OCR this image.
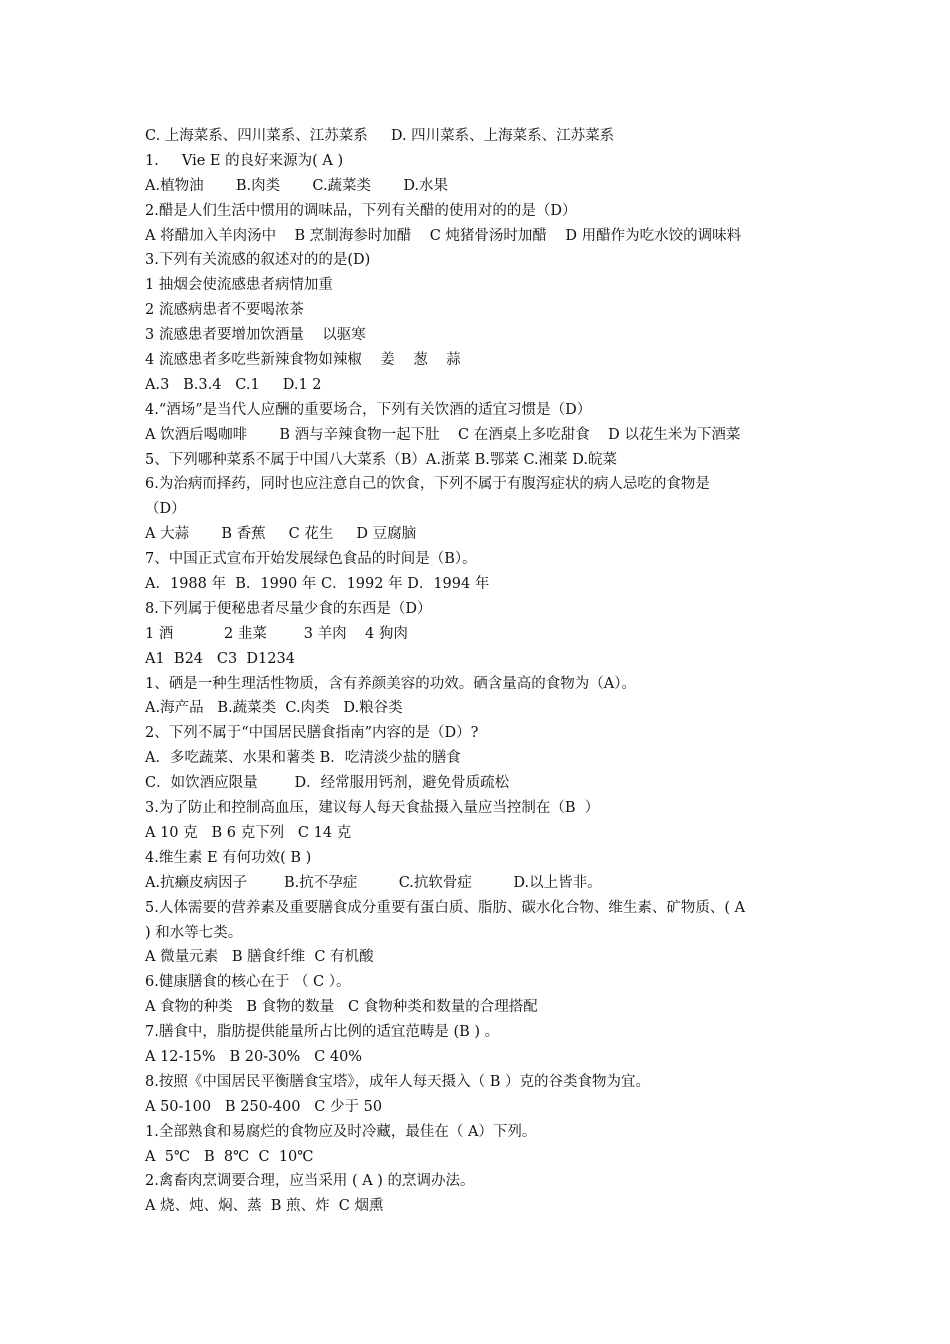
C. 上海菜系、四川菜系、江苏菜系     D. 四川菜系、上海菜系、江苏菜系
1.     Vie E 的良好来源为( A )
A.植物油       B.肉类       C.蔬菜类       D.水果
2.醋是人们生活中惯用的调味品，下列有关醋的使用对的的是（D）
A 将醋加入羊肉汤中    B 烹制海参时加醋    C 炖猪骨汤时加醋    D 用醋作为吃水饺的调味料
3.下列有关流感的叙述对的的是(D)
1 抽烟会使流感患者病情加重
2 流感病患者不要喝浓茶
3 流感患者要增加饮酒量    以驱寒
4 流感患者多吃些新辣食物如辣椒    姜    葱    蒜
A.3   B.3.4   C.1     D.1 2
4.“酒场”是当代人应酬的重要场合，下列有关饮酒的适宜习惯是（D）
A 饮酒后喝咖啡       B 酒与辛辣食物一起下肚    C 在酒桌上多吃甜食    D 以花生米为下酒菜
5、下列哪种菜系不属于中国八大菜系（B）A.浙菜 B.鄂菜 C.湘菜 D.皖菜
6.为治病而择药，同时也应注意自己的饮食，下列不属于有腹泻症状的病人忌吃的食物是
（D）
A 大蒜       B 香蕉     C 花生     D 豆腐脑
7、中国正式宣布开始发展绿色食品的时间是（B）。
A．1988 年  B．1990 年 C．1992 年 D．1994 年
8.下列属于便秘患者尽量少食的东西是（D）
1 酒           2 韭菜        3 羊肉    4 狗肉
A1  B24   C3  D1234
1、硒是一种生理活性物质，含有养颜美容的功效。硒含量高的食物为（A）。
A.海产品   B.蔬菜类  C.肉类   D.粮谷类
2、下列不属于“中国居民膳食指南”内容的是（D）?
A．多吃蔬菜、水果和薯类 B．吃清淡少盐的膳食
C．如饮酒应限量        D．经常服用钙剂，避免骨质疏松
3.为了防止和控制高血压，建议每人每天食盐摄入量应当控制在（B  ）
A 10 克   B 6 克下列   C 14 克
4.维生素 E 有何功效( B )
A.抗癞皮病因子        B.抗不孕症         C.抗软骨症         D.以上皆非。
5.人体需要的营养素及重要膳食成分重要有蛋白质、脂肪、碳水化合物、维生素、矿物质、( A
) 和水等七类。
A 微量元素   B 膳食纤维  C 有机酸
6.健康膳食的核心在于 （ C ）。
A 食物的种类   B 食物的数量   C 食物种类和数量的合理搭配
7.膳食中，脂肪提供能量所占比例的适宜范畴是 (B ) 。
A 12-15%   B 20-30%   C 40%
8.按照《中国居民平衡膳食宝塔》，成年人每天摄入（ B ）克的谷类食物为宜。
A 50-100   B 250-400   C 少于 50
1.全部熟食和易腐烂的食物应及时冷藏，最佳在（ A）下列。
A  5℃   B  8℃  C  10℃
2.禽畜肉烹调要合理，应当采用 ( A ) 的烹调办法。
A 烧、炖、焖、蒸  B 煎、炸  C 烟熏
